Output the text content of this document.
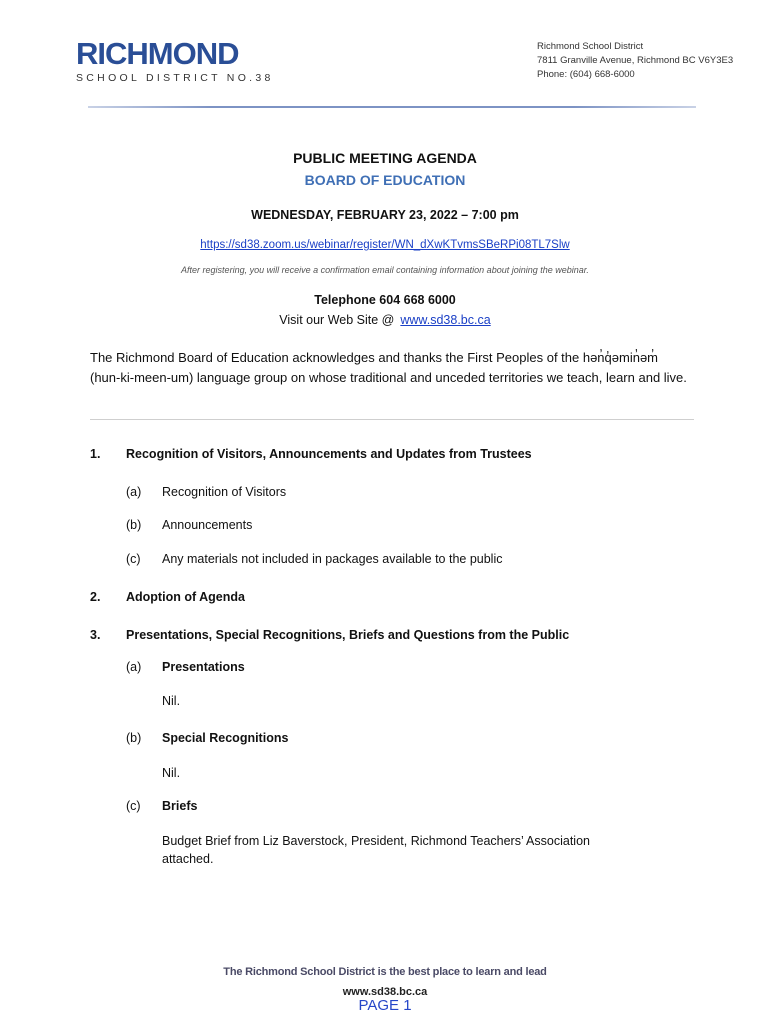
RICHMOND
SCHOOL DISTRICT NO.38
Richmond School District
7811 Granville Avenue, Richmond BC V6Y3E3
Phone: (604) 668-6000
PUBLIC MEETING AGENDA
BOARD OF EDUCATION
WEDNESDAY, FEBRUARY 23, 2022 – 7:00 pm
https://sd38.zoom.us/webinar/register/WN_dXwKTvmsSBeRPi08TL7Slw
After registering, you will receive a confirmation email containing information about joining the webinar.
Telephone 604 668 6000
Visit our Web Site @ www.sd38.bc.ca
The Richmond Board of Education acknowledges and thanks the First Peoples of the hən̓q̓əmin̓əm̓ (hun-ki-meen-um) language group on whose traditional and unceded territories we teach, learn and live.
1. Recognition of Visitors, Announcements and Updates from Trustees
(a) Recognition of Visitors
(b) Announcements
(c) Any materials not included in packages available to the public
2. Adoption of Agenda
3. Presentations, Special Recognitions, Briefs and Questions from the Public
(a) Presentations
Nil.
(b) Special Recognitions
Nil.
(c) Briefs
Budget Brief from Liz Baverstock, President, Richmond Teachers’ Association attached.
The Richmond School District is the best place to learn and lead
www.sd38.bc.ca
PAGE 1
